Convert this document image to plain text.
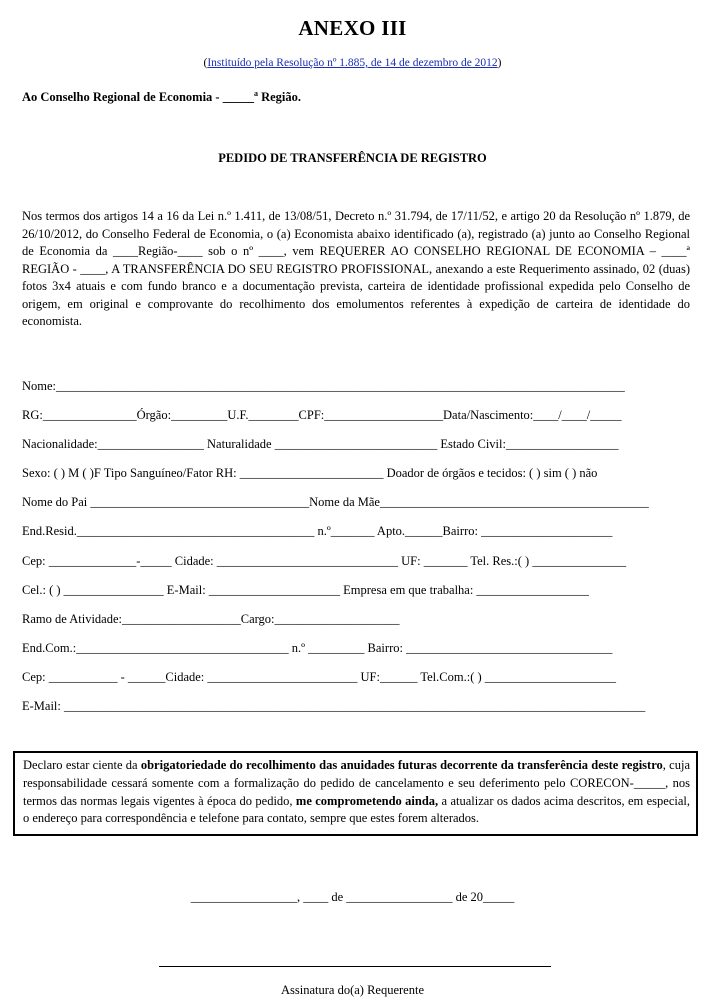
ANEXO III
(Instituído pela Resolução nº 1.885, de 14 de dezembro de 2012)
Ao Conselho Regional de Economia - _____$^a$ Região.
PEDIDO DE TRANSFERÊNCIA DE REGISTRO
Nos termos dos artigos 14 a 16 da Lei n.º 1.411, de 13/08/51, Decreto n.º 31.794, de 17/11/52, e artigo 20 da Resolução nº 1.879, de 26/10/2012, do Conselho Federal de Economia, o (a) Economista abaixo identificado (a), registrado (a) junto ao Conselho Regional de Economia da ____Região-____ sob o nº ____, vem REQUERER AO CONSELHO REGIONAL DE ECONOMIA – ____ª REGIÃO - ____, A TRANSFERÊNCIA DO SEU REGISTRO PROFISSIONAL, anexando a este Requerimento assinado, 02 (duas) fotos 3x4 atuais e com fundo branco e a documentação prevista, carteira de identidade profissional expedida pelo Conselho de origem, em original e comprovante do recolhimento dos emolumentos referentes à expedição de carteira de identidade do economista.
Nome:___________________________________________________________________________________________
RG:_______________Órgão:_________U.F.________CPF:___________________Data/Nascimento:____/____/_____
Nacionalidade:_________________ Naturalidade __________________________ Estado Civil:__________________
Sexo: ( ) M ( )F Tipo Sanguíneo/Fator RH: _______________________ Doador de órgãos e tecidos: ( ) sim ( ) não
Nome do Pai ___________________________________Nome da Mãe___________________________________________
End.Resid.______________________________________ n.º_______ Apto.______Bairro: _____________________
Cep: ______________-_____ Cidade: _____________________________ UF: _______ Tel. Res.:( ) _______________
Cel.: ( ) ________________ E-Mail: _____________________ Empresa em que trabalha: __________________
Ramo de Atividade:___________________Cargo:____________________
End.Com.:__________________________________ n.º _________ Bairro: _________________________________
Cep: ___________ - ______Cidade: ________________________ UF:______ Tel.Com.:( ) _____________________
E-Mail: _____________________________________________________________________________________________
Declaro estar ciente da obrigatoriedade do recolhimento das anuidades futuras decorrente da transferência deste registro, cuja responsabilidade cessará somente com a formalização do pedido de cancelamento e seu deferimento pelo CORECON-_____, nos termos das normas legais vigentes à época do pedido, me comprometendo ainda, a atualizar os dados acima descritos, em especial, o endereço para correspondência e telefone para contato, sempre que estes forem alterados.
_________________, ____ de _________________ de 20_____
Assinatura do(a) Requerente
